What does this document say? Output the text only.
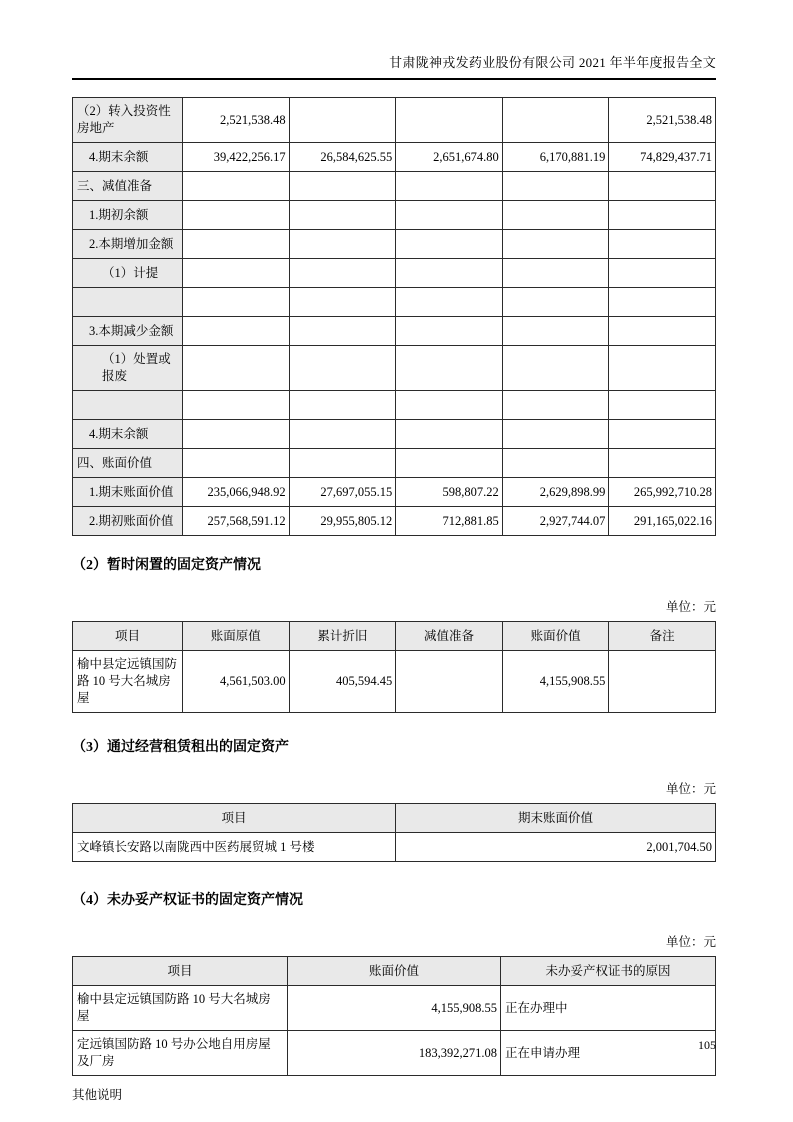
甘肃陇神戎发药业股份有限公司 2021 年半年度报告全文
（2）转入投资性房地产	2,521,538.48				2,521,538.48
4.期末余额	39,422,256.17	26,584,625.55	2,651,674.80	6,170,881.19	74,829,437.71
三、减值准备					
1.期初余额					
2.本期增加金额					
（1）计提					

3.本期减少金额					
（1）处置或报废					

4.期末余额					
四、账面价值					
1.期末账面价值	235,066,948.92	27,697,055.15	598,807.22	2,629,898.99	265,992,710.28
2.期初账面价值	257,568,591.12	29,955,805.12	712,881.85	2,927,744.07	291,165,022.16
（2）暂时闲置的固定资产情况
单位：元
项目	账面原值	累计折旧	减值准备	账面价值	备注
榆中县定远镇国防路 10 号大名城房屋	4,561,503.00	405,594.45		4,155,908.55	
（3）通过经营租赁租出的固定资产
单位：元
项目	期末账面价值
文峰镇长安路以南陇西中医药展贸城 1 号楼	2,001,704.50
（4）未办妥产权证书的固定资产情况
单位：元
项目	账面价值	未办妥产权证书的原因
榆中县定远镇国防路 10 号大名城房屋	4,155,908.55	正在办理中
定远镇国防路 10 号办公地自用房屋及厂房	183,392,271.08	正在申请办理
其他说明
105
